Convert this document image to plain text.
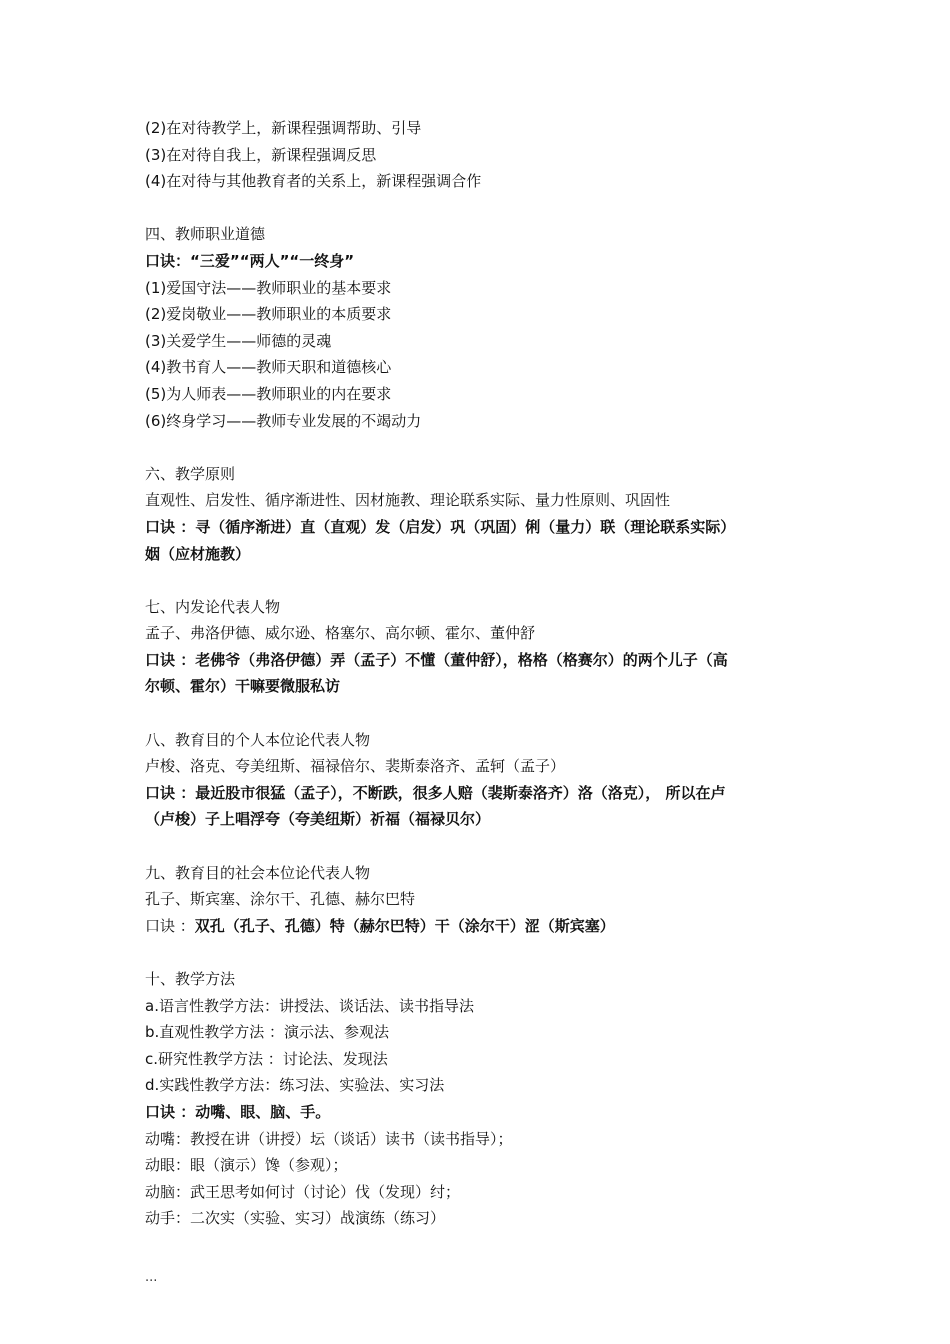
(2)在对待教学上，新课程强调帮助、引导
(3)在对待自我上，新课程强调反思
(4)在对待与其他教育者的关系上，新课程强调合作
四、教师职业道德
口诀：“三爱”“两人”“一终身”
(1)爱国守法——教师职业的基本要求
(2)爱岗敬业——教师职业的本质要求
(3)关爱学生——师德的灵魂
(4)教书育人——教师天职和道德核心
(5)为人师表——教师职业的内在要求
(6)终身学习——教师专业发展的不竭动力
六、教学原则
直观性、启发性、循序渐进性、因材施教、理论联系实际、量力性原则、巩固性
口诀 ：寻（循序渐进）直（直观）发（启发）巩（巩固）俐（量力）联（理论联系实际）
姻（应材施教）
七、内发论代表人物
孟子、弗洛伊德、威尔逊、格塞尔、高尔顿、霍尔、董仲舒
口诀 ：老佛爷（弗洛伊德）弄（孟子）不懂（董仲舒），格格（格赛尔）的两个儿子（高
尔顿、霍尔）干嘛要微服私访
八、教育目的个人本位论代表人物
卢梭、洛克、夸美纽斯、福禄倍尔、裴斯泰洛齐、孟轲（孟子）
口诀 ：最近股市很猛（孟子），不断跌，很多人赔（裴斯泰洛齐）洛（洛克）， 所以在卢
（卢梭）子上唱浮夸（夸美纽斯）祈福（福禄贝尔）
九、教育目的社会本位论代表人物
孔子、斯宾塞、涂尔干、孔德、赫尔巴特
口诀 ：双孔（孔子、孔德）特（赫尔巴特）干（涂尔干）涩（斯宾塞）
十、教学方法
a.语言性教学方法：讲授法、谈话法、读书指导法
b.直观性教学方法 ：演示法、参观法
c.研究性教学方法 ：讨论法、发现法
d.实践性教学方法：练习法、实验法、实习法
口诀 ：动嘴、眼、脑、手。
动嘴：教授在讲（讲授）坛（谈话）读书（读书指导）；
动眼：眼（演示）馋（参观）；
动脑：武王思考如何讨（讨论）伐（发现）纣；
动手：二次实（实验、实习）战演练（练习）
...
